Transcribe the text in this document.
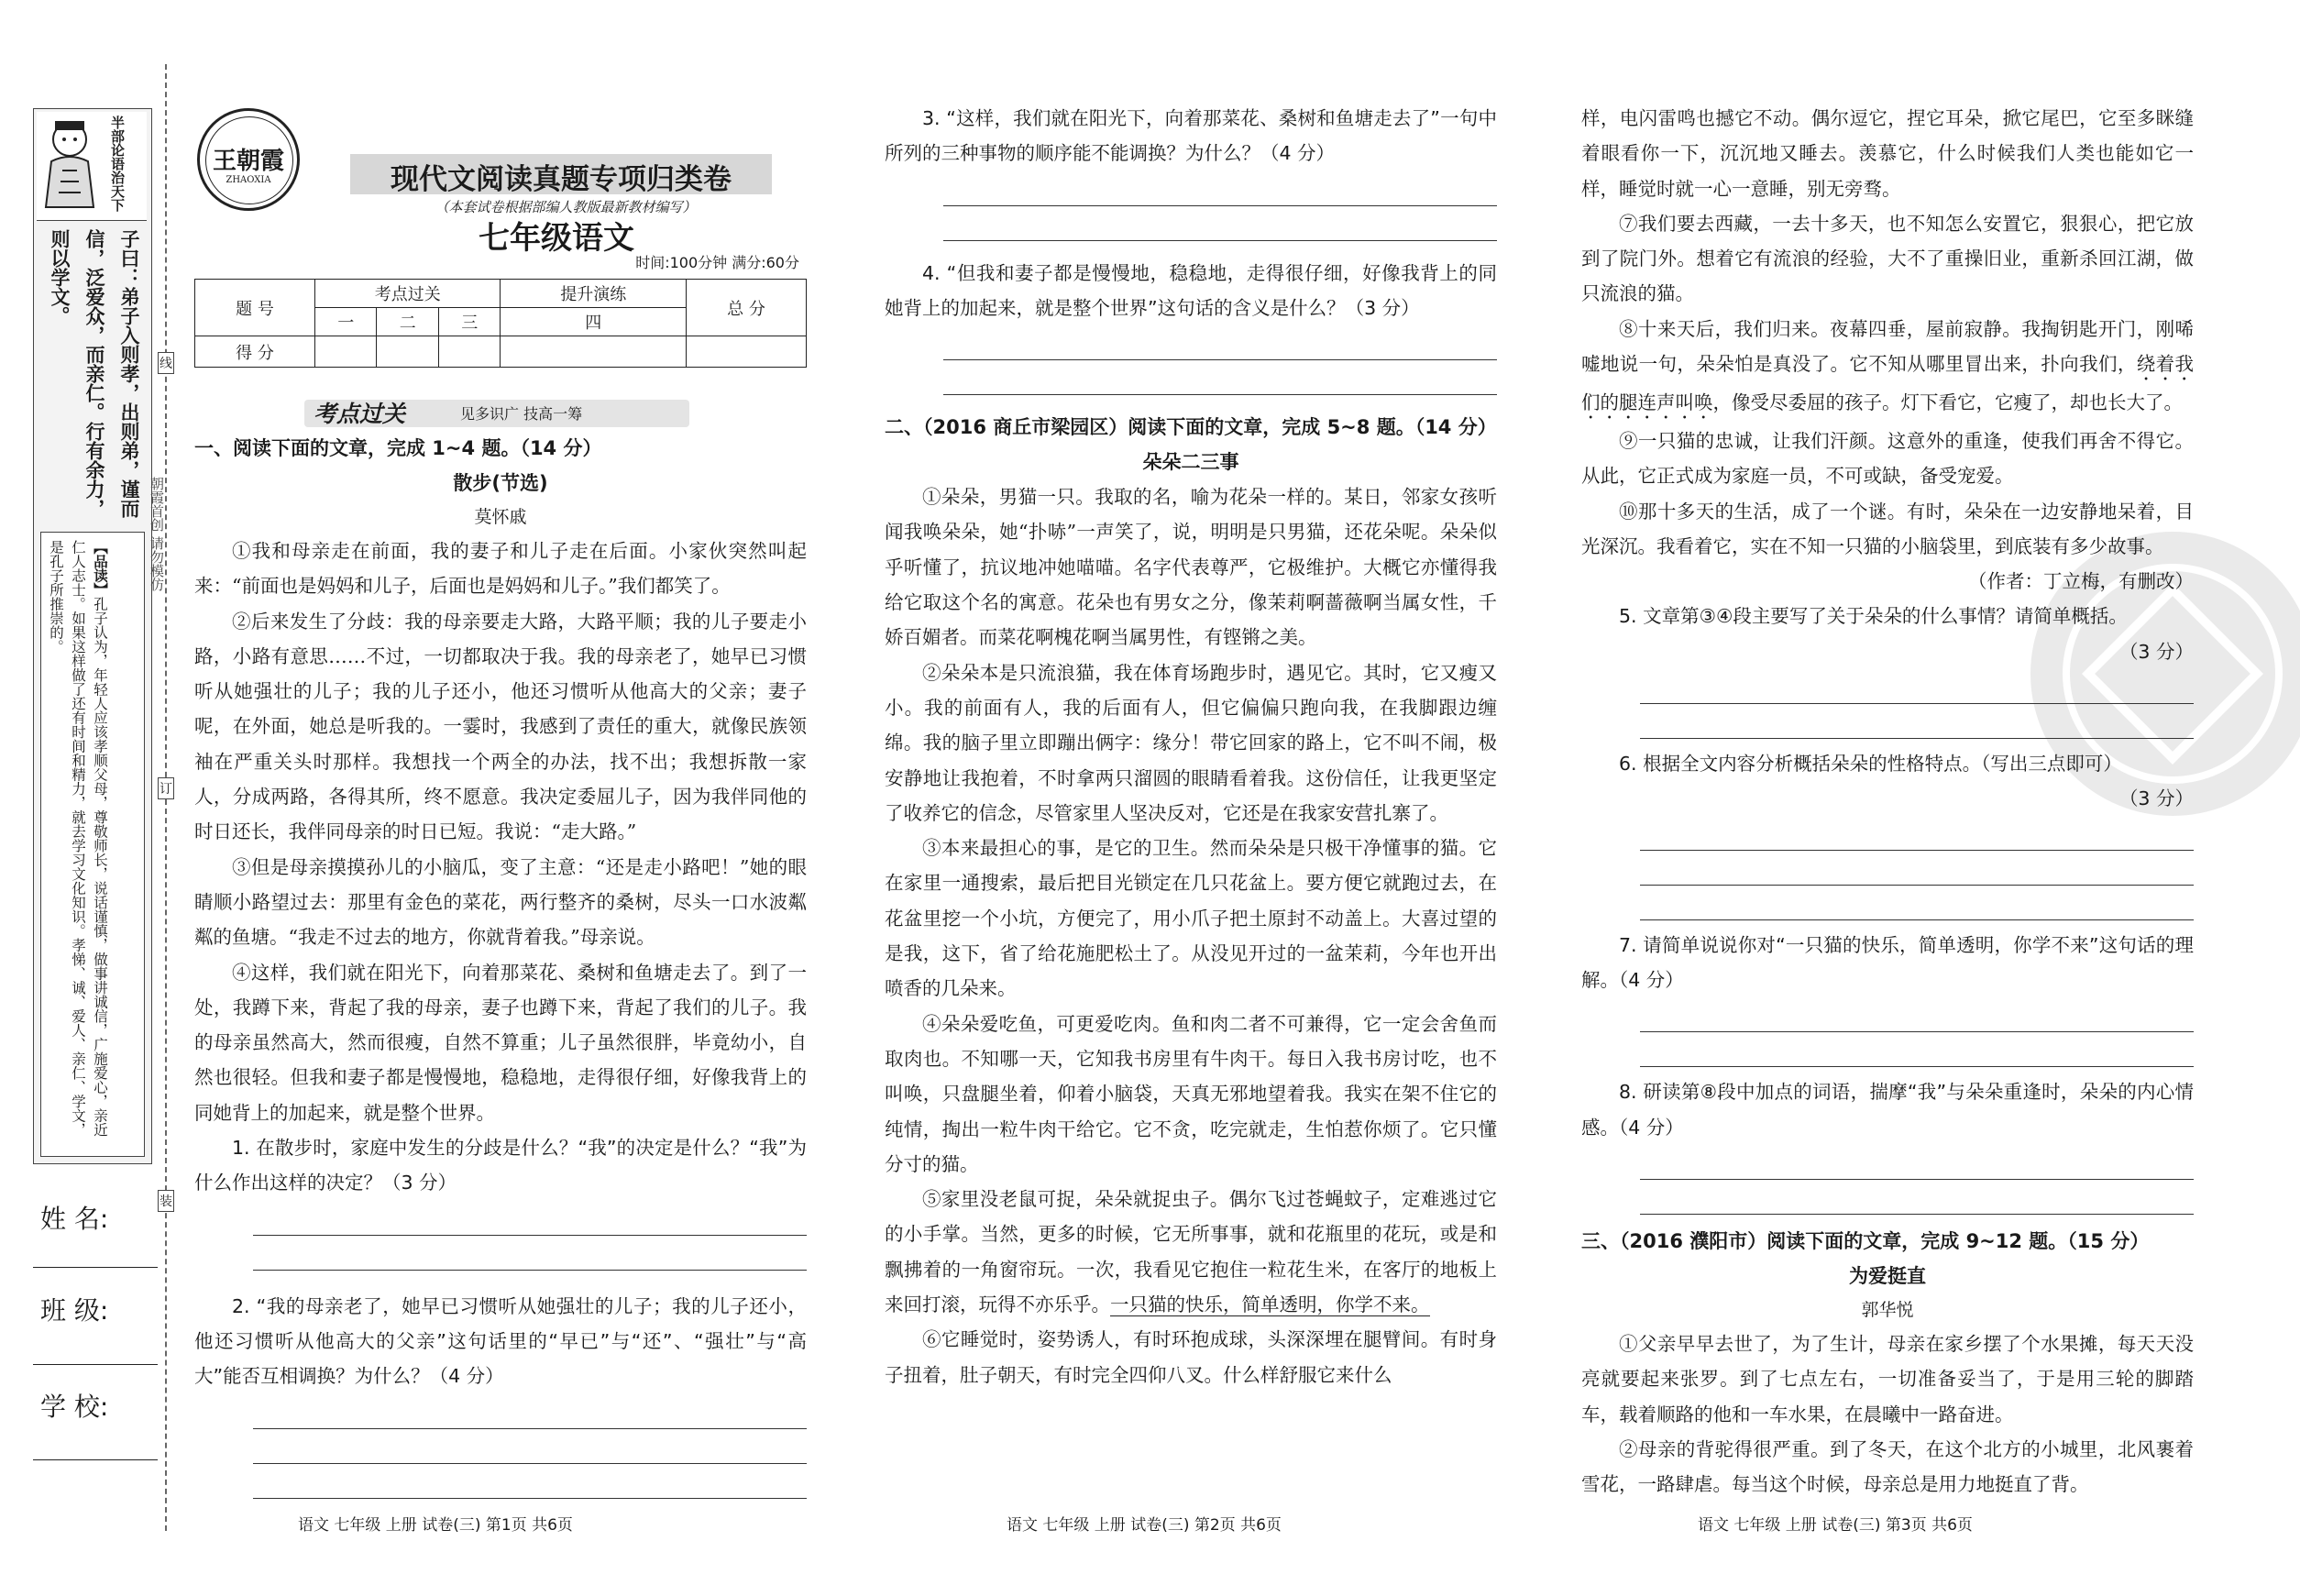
半部论语治天下
子曰：弟子入则孝，出则弟，谨而信，泛爱众，而亲仁。行有余力，则以学文。
【品读】孔子认为，年轻人应该孝顺父母，尊敬师长，说话谨慎，做事讲诚信，广施爱心，亲近仁人志士。如果这样做了还有时间和精力，就去学习文化知识。孝悌、诚、爱人、亲仁、学文，是孔子所推崇的。
姓 名:
班 级:
学 校:
线
订
装
朝霞首创 请勿模仿
王朝霞
ZHAOXIA	现代文阅读真题专项归类卷
（本套试卷根据部编人教版最新教材编写）
七年级语文
时间:100分钟 满分:60分
题 号	考点过关			提升演练	总 分
	一	二	三	四	
得 分					
考点过关	见多识广 技高一筹

一、阅读下面的文章，完成 1~4 题。（14 分）

散步(节选)

莫怀戚

①我和母亲走在前面，我的妻子和儿子走在后面。小家伙突然叫起来：“前面也是妈妈和儿子，后面也是妈妈和儿子。”我们都笑了。

②后来发生了分歧：我的母亲要走大路，大路平顺；我的儿子要走小路，小路有意思……不过，一切都取决于我。我的母亲老了，她早已习惯听从她强壮的儿子；我的儿子还小，他还习惯听从他高大的父亲；妻子呢，在外面，她总是听我的。一霎时，我感到了责任的重大，就像民族领袖在严重关头时那样。我想找一个两全的办法，找不出；我想拆散一家人，分成两路，各得其所，终不愿意。我决定委屈儿子，因为我伴同他的时日还长，我伴同母亲的时日已短。我说：“走大路。”

③但是母亲摸摸孙儿的小脑瓜，变了主意：“还是走小路吧！”她的眼睛顺小路望过去：那里有金色的菜花，两行整齐的桑树，尽头一口水波粼粼的鱼塘。“我走不过去的地方，你就背着我。”母亲说。

④这样，我们就在阳光下，向着那菜花、桑树和鱼塘走去了。到了一处，我蹲下来，背起了我的母亲，妻子也蹲下来，背起了我们的儿子。我的母亲虽然高大，然而很瘦，自然不算重；儿子虽然很胖，毕竟幼小，自然也很轻。但我和妻子都是慢慢地，稳稳地，走得很仔细，好像我背上的同她背上的加起来，就是整个世界。

1. 在散步时，家庭中发生的分歧是什么？“我”的决定是什么？“我”为什么作出这样的决定？（3 分）

2. “我的母亲老了，她早已习惯听从她强壮的儿子；我的儿子还小，他还习惯听从他高大的父亲”这句话里的“早已”与“还”、“强壮”与“高大”能否互相调换？为什么？（4 分）

语文 七年级 上册 试卷(三) 第1页 共6页

3. “这样，我们就在阳光下，向着那菜花、桑树和鱼塘走去了”一句中所列的三种事物的顺序能不能调换？为什么？（4 分）

4. “但我和妻子都是慢慢地，稳稳地，走得很仔细，好像我背上的同她背上的加起来，就是整个世界”这句话的含义是什么？（3 分）

二、（2016 商丘市梁园区）阅读下面的文章，完成 5~8 题。（14 分）

朵朵二三事

①朵朵，男猫一只。我取的名，喻为花朵一样的。某日，邻家女孩听闻我唤朵朵，她“扑哧”一声笑了，说，明明是只男猫，还花朵呢。朵朵似乎听懂了，抗议地冲她喵喵。名字代表尊严，它极维护。大概它亦懂得我给它取这个名的寓意。花朵也有男女之分，像茉莉啊蔷薇啊当属女性，千娇百媚者。而菜花啊槐花啊当属男性，有铿锵之美。

②朵朵本是只流浪猫，我在体育场跑步时，遇见它。其时，它又瘦又小。我的前面有人，我的后面有人，但它偏偏只跑向我，在我脚跟边缠绵。我的脑子里立即蹦出俩字：缘分！带它回家的路上，它不叫不闹，极安静地让我抱着，不时拿两只溜圆的眼睛看着我。这份信任，让我更坚定了收养它的信念，尽管家里人坚决反对，它还是在我家安营扎寨了。

③本来最担心的事，是它的卫生。然而朵朵是只极干净懂事的猫。它在家里一通搜索，最后把目光锁定在几只花盆上。要方便它就跑过去，在花盆里挖一个小坑，方便完了，用小爪子把土原封不动盖上。大喜过望的是我，这下，省了给花施肥松土了。从没见开过的一盆茉莉，今年也开出喷香的几朵来。

④朵朵爱吃鱼，可更爱吃肉。鱼和肉二者不可兼得，它一定会舍鱼而取肉也。不知哪一天，它知我书房里有牛肉干。每日入我书房讨吃，也不叫唤，只盘腿坐着，仰着小脑袋，天真无邪地望着我。我实在架不住它的纯情，掏出一粒牛肉干给它。它不贪，吃完就走，生怕惹你烦了。它只懂分寸的猫。

⑤家里没老鼠可捉，朵朵就捉虫子。偶尔飞过苍蝇蚊子，定难逃过它的小手掌。当然，更多的时候，它无所事事，就和花瓶里的花玩，或是和飘拂着的一角窗帘玩。一次，我看见它抱住一粒花生米，在客厅的地板上来回打滚，玩得不亦乐乎。一只猫的快乐，简单透明，你学不来。

⑥它睡觉时，姿势诱人，有时环抱成球，头深深埋在腿臂间。有时身子扭着，肚子朝天，有时完全四仰八叉。什么样舒服它来什么

语文 七年级 上册 试卷(三) 第2页 共6页

样，电闪雷鸣也撼它不动。偶尔逗它，捏它耳朵，掀它尾巴，它至多眯缝着眼看你一下，沉沉地又睡去。羡慕它，什么时候我们人类也能如它一样，睡觉时就一心一意睡，别无旁骛。

⑦我们要去西藏，一去十多天，也不知怎么安置它，狠狠心，把它放到了院门外。想着它有流浪的经验，大不了重操旧业，重新杀回江湖，做只流浪的猫。

⑧十来天后，我们归来。夜幕四垂，屋前寂静。我掏钥匙开门，刚唏嘘地说一句，朵朵怕是真没了。它不知从哪里冒出来，扑向我们，绕着我们的腿连声叫唤，像受尽委屈的孩子。灯下看它，它瘦了，却也长大了。

⑨一只猫的忠诚，让我们汗颜。这意外的重逢，使我们再舍不得它。从此，它正式成为家庭一员，不可或缺，备受宠爱。

⑩那十多天的生活，成了一个谜。有时，朵朵在一边安静地呆着，目光深沉。我看着它，实在不知一只猫的小脑袋里，到底装有多少故事。

（作者：丁立梅，有删改）

5. 文章第③④段主要写了关于朵朵的什么事情？请简单概括。

（3 分）

6. 根据全文内容分析概括朵朵的性格特点。（写出三点即可）

（3 分）

7. 请简单说说你对“一只猫的快乐，简单透明，你学不来”这句话的理解。（4 分）

8. 研读第⑧段中加点的词语，揣摩“我”与朵朵重逢时，朵朵的内心情感。（4 分）

三、（2016 濮阳市）阅读下面的文章，完成 9~12 题。（15 分）

为爱挺直

郭华悦

①父亲早早去世了，为了生计，母亲在家乡摆了个水果摊，每天天没亮就要起来张罗。到了七点左右，一切准备妥当了，于是用三轮的脚踏车，载着顺路的他和一车水果，在晨曦中一路奋进。

②母亲的背驼得很严重。到了冬天，在这个北方的小城里，北风裹着雪花，一路肆虐。每当这个时候，母亲总是用力地挺直了背。

语文 七年级 上册 试卷(三) 第3页 共6页
